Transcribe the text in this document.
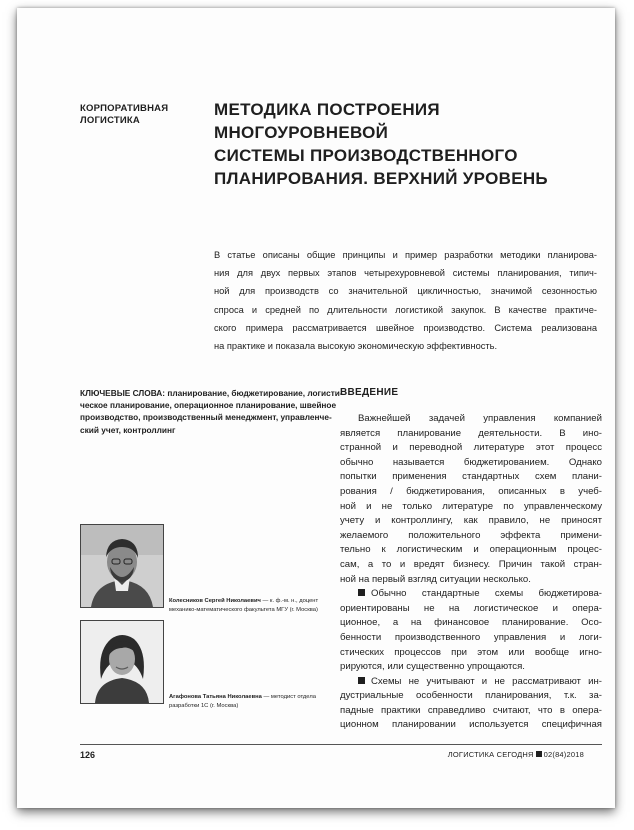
КОРПОРАТИВНАЯ
ЛОГИСТИКА
МЕТОДИКА ПОСТРОЕНИЯ МНОГОУРОВНЕВОЙ
СИСТЕМЫ ПРОИЗВОДСТВЕННОГО
ПЛАНИРОВАНИЯ. ВЕРХНИЙ УРОВЕНЬ
В статье описаны общие принципы и пример разработки методики планирова-
ния для двух первых этапов четырехуровневой системы планирования, типич-
ной для производств со значительной цикличностью, значимой сезонностью
спроса и средней по длительности логистикой закупок. В качестве практиче-
ского примера рассматривается швейное производство. Система реализована
на практике и показала высокую экономическую эффективность.
КЛЮЧЕВЫЕ СЛОВА: планирование, бюджетирование, логисти-
ческое планирование, операционное планирование, швейное
производство, производственный менеджмент, управленче-
ский учет, контроллинг
Колесников Сергей Николаевич — к. ф.-м. н., доцент
механико-математического факультета МГУ (г. Москва)
Агафонова Татьяна Николаевна — методист отдела
разработки 1С (г. Москва)
ВВЕДЕНИЕ
Важнейшей задачей управления компанией
является планирование деятельности. В ино-
странной и переводной литературе этот процесс
обычно называется бюджетированием. Однако
попытки применения стандартных схем плани-
рования / бюджетирования, описанных в учеб-
ной и не только литературе по управленческому
учету и контроллингу, как правило, не приносят
желаемого положительного эффекта примени-
тельно к логистическим и операционным процес-
сам, а то и вредят бизнесу. Причин такой стран-
ной на первый взгляд ситуации несколько.
Обычно стандартные схемы бюджетирова-
ориентированы не на логистическое и опера-
ционное, а на финансовое планирование. Осо-
бенности производственного управления и логи-
стических процессов при этом или вообще игно-
рируются, или существенно упрощаются.
Схемы не учитывают и не рассматривают ин-
дустриальные особенности планирования, т.к. за-
падные практики справедливо считают, что в опера-
ционном планировании используется специфичная
126	ЛОГИСТИКА СЕГОДНЯ 02(84)2018
